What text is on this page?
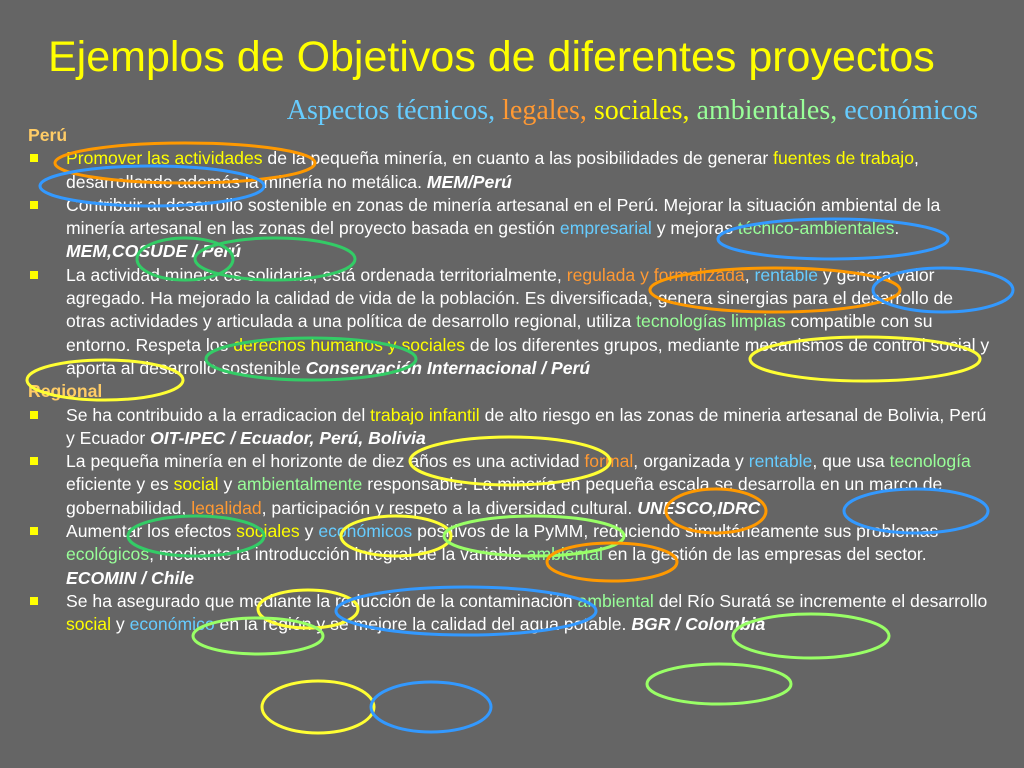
Ejemplos de Objetivos de diferentes proyectos
Aspectos técnicos, legales, sociales, ambientales, económicos
Perú
Promover las actividades de la pequeña minería, en cuanto a las posibilidades de generar fuentes de trabajo, desarrollando además la minería no metálica. MEM/Perú
Contribuir al desarrollo sostenible en zonas de minería artesanal en el Perú. Mejorar la situación ambiental de la minería artesanal en las zonas del proyecto basada en gestión empresarial y mejoras técnico-ambientales. MEM,COSUDE / Perú
La actividad minera es solidaria, está ordenada territorialmente, regulada y formalizada, rentable y genera valor agregado. Ha mejorado la calidad de vida de la población. Es diversificada, genera sinergias para el desarrollo de otras actividades y articulada a una política de desarrollo regional, utiliza tecnologías limpias compatible con su entorno. Respeta los derechos humanos y sociales de los diferentes grupos, mediante mecanismos de control social y aporta al desarrollo sostenible Conservación Internacional / Perú
Regional
Se ha contribuido a la erradicacion del trabajo infantil de alto riesgo en las zonas de mineria artesanal de Bolivia, Perú y Ecuador OIT-IPEC / Ecuador, Perú, Bolivia
La pequeña minería en el horizonte de diez años es una actividad formal, organizada y rentable, que usa tecnología eficiente y es social y ambientalmente responsable. La minería en pequeña escala se desarrolla en un marco de gobernabilidad, legalidad, participación y respeto a la diversidad cultural. UNESCO,IDRC
Aumentar los efectos sociales y económicos positivos de la PyMM, reduciendo simultáneamente sus problemas ecológicos, mediante la introducción integral de la variable ambiental en la gestión de las empresas del sector. ECOMIN / Chile
Se ha asegurado que mediante la reducción de la contaminación ambiental del Río Suratá se incremente el desarrollo social y económico en la región y se mejore la calidad del agua potable. BGR / Colombia
